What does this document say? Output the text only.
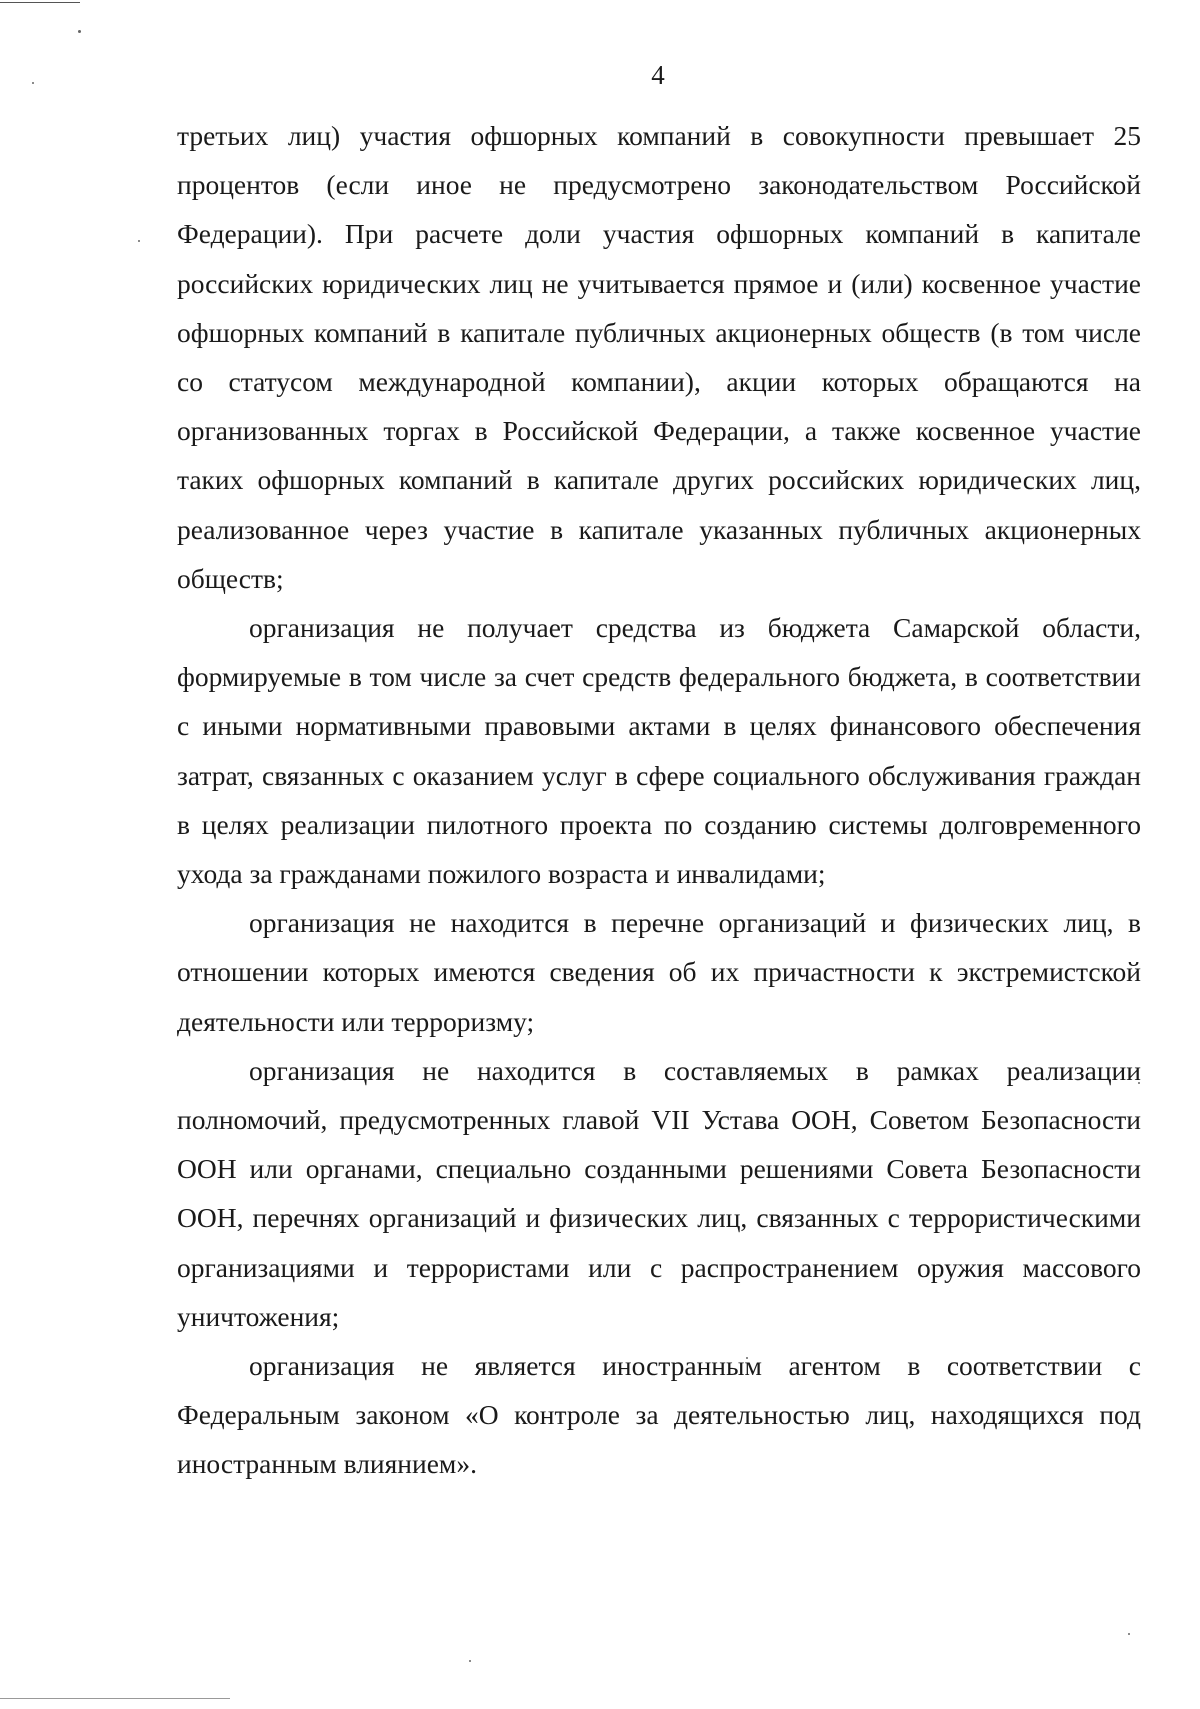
4

третьих лиц) участия офшорных компаний в совокупности превышает 25 процентов (если иное не предусмотрено законодательством Российской Федерации). При расчете доли участия офшорных компаний в капитале российских юридических лиц не учитывается прямое и (или) косвенное участие офшорных компаний в капитале публичных акционерных обществ (в том числе со статусом международной компании), акции которых обращаются на организованных торгах в Российской Федерации, а также косвенное участие таких офшорных компаний в капитале других российских юридических лиц, реализованное через участие в капитале указанных публичных акционерных обществ;

организация не получает средства из бюджета Самарской области, формируемые в том числе за счет средств федерального бюджета, в соответствии с иными нормативными правовыми актами в целях финансового обеспечения затрат, связанных с оказанием услуг в сфере социального обслуживания граждан в целях реализации пилотного проекта по созданию системы долговременного ухода за гражданами пожилого возраста и инвалидами;

организация не находится в перечне организаций и физических лиц, в отношении которых имеются сведения об их причастности к экстремистской деятельности или терроризму;

организация не находится в составляемых в рамках реализации полномочий, предусмотренных главой VII Устава ООН, Советом Безопасности ООН или органами, специально созданными решениями Совета Безопасности ООН, перечнях организаций и физических лиц, связанных с террористическими организациями и террористами или с распространением оружия массового уничтожения;

организация не является иностранным агентом в соответствии с Федеральным законом «О контроле за деятельностью лиц, находящихся под иностранным влиянием».
